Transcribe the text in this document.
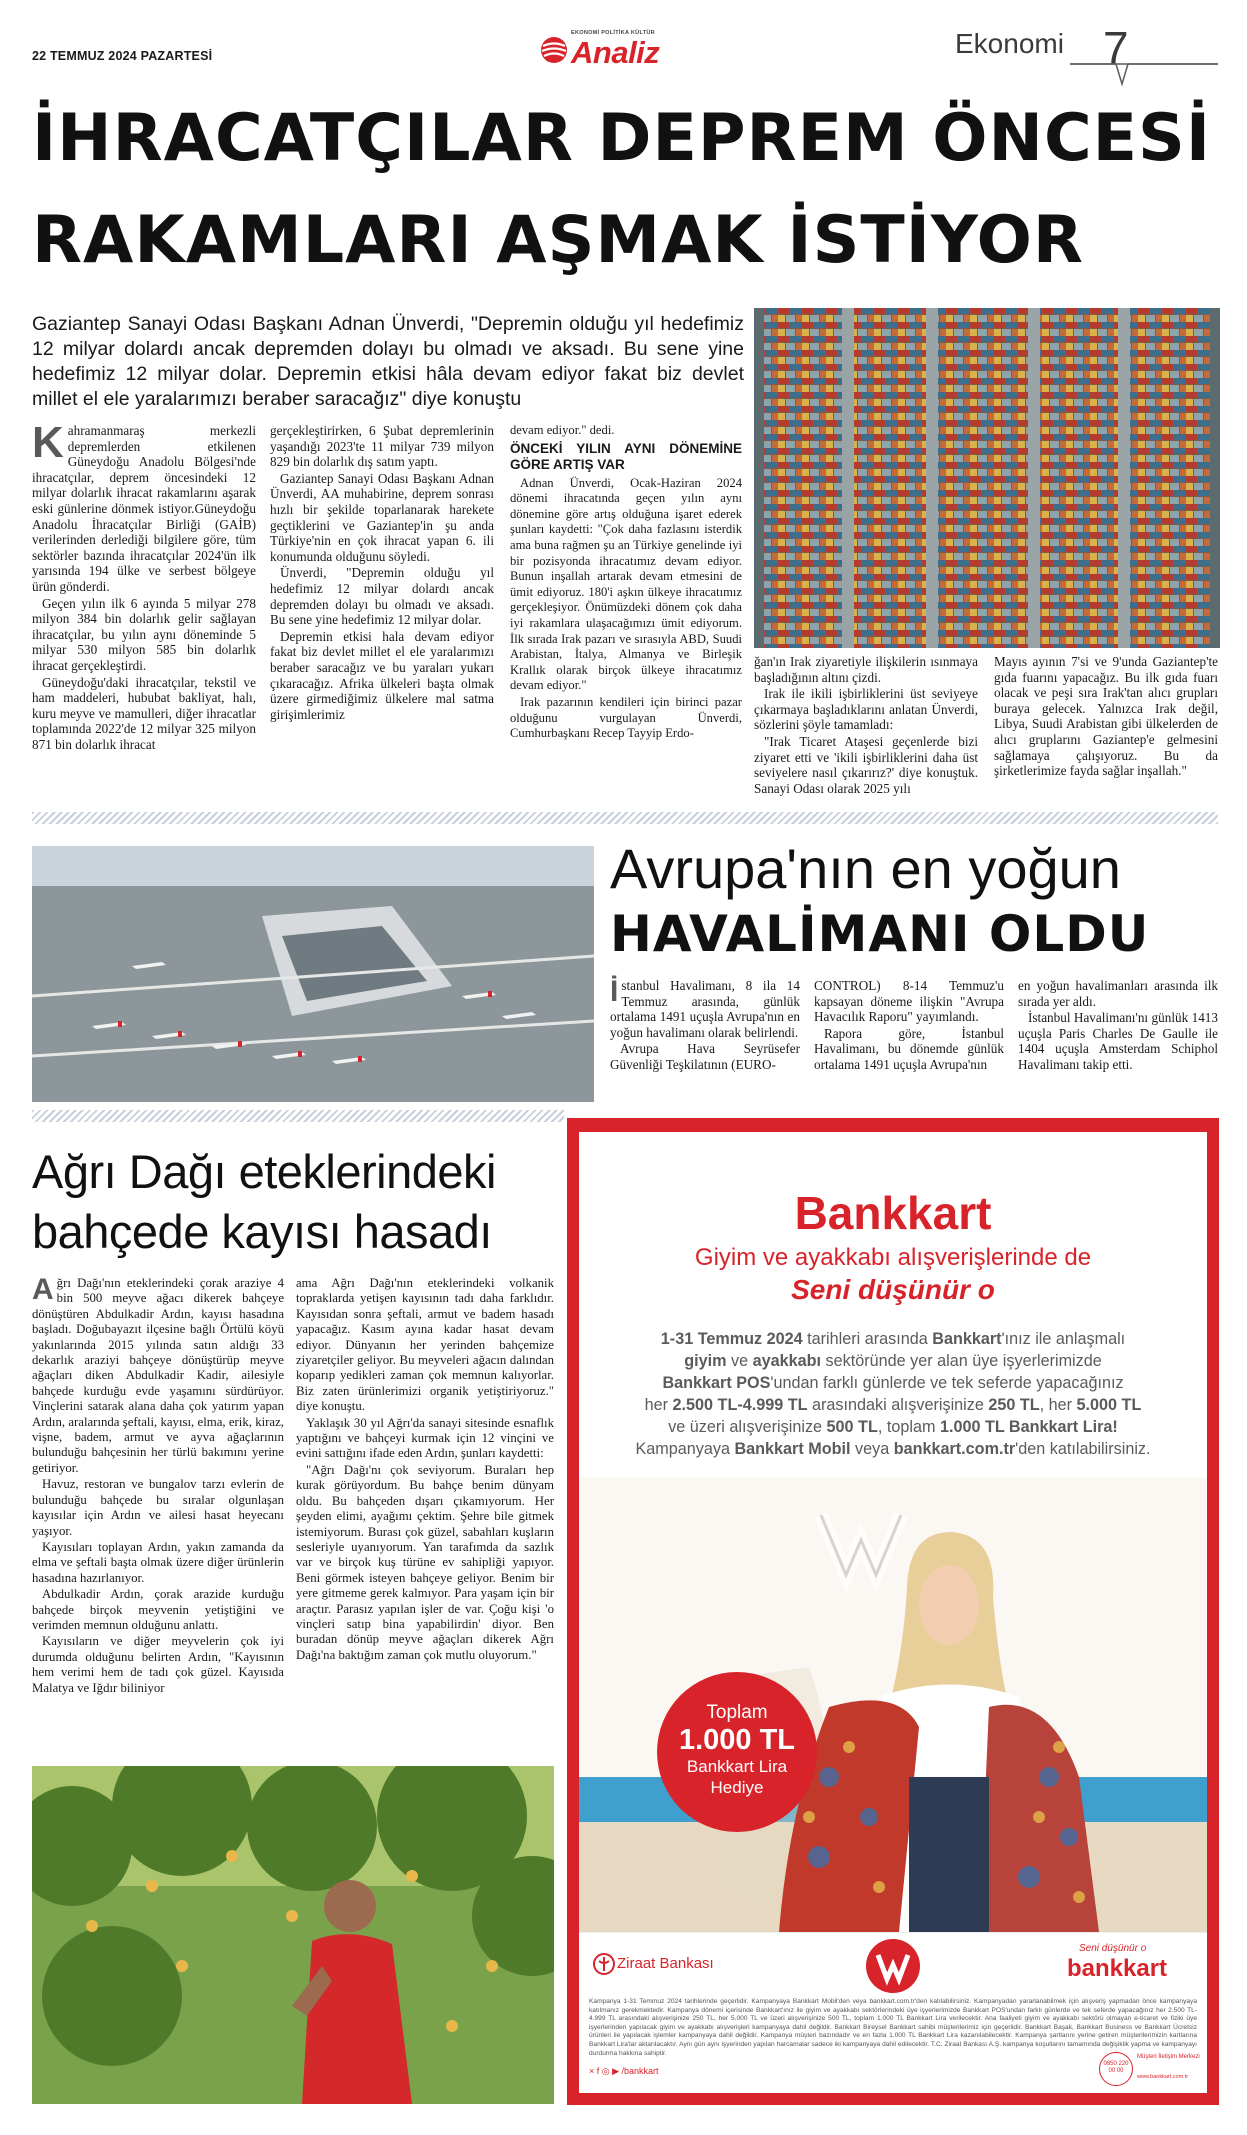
22 TEMMUZ 2024 PAZARTESİ
EKONOMİ POLİTİKA KÜLTÜR
Analiz	Ekonomi 7
İHRACATÇILAR DEPREM ÖNCESİ
RAKAMLARI AŞMAK İSTİYOR
Gaziantep Sanayi Odası Başkanı Adnan Ünverdi, "Depremin olduğu yıl hedefimiz 12 milyar dolardı ancak depremden dolayı bu olmadı ve aksadı. Bu sene yine hedefimiz 12 milyar dolar. Depremin etkisi hâla devam ediyor fakat biz devlet millet el ele yaralarımızı beraber saracağız" diye konuştu

Kahramanmaraş merkezli depremlerden etkilenen Güneydoğu Anadolu Bölgesi'nde ihracatçılar, deprem öncesindeki 12 milyar dolarlık ihracat rakamlarını aşarak eski günlerine dönmek istiyor.Güneydoğu Anadolu İhracatçılar Birliği (GAİB) verilerinden derlediği bilgilere göre, tüm sektörler bazında ihracatçılar 2024'ün ilk yarısında 194 ülke ve serbest bölgeye ürün gönderdi.

Geçen yılın ilk 6 ayında 5 milyar 278 milyon 384 bin dolarlık gelir sağlayan ihracatçılar, bu yılın aynı döneminde 5 milyar 530 milyon 585 bin dolarlık ihracat gerçekleştirdi.

Güneydoğu'daki ihracatçılar, tekstil ve ham maddeleri, hububat bakliyat, halı, kuru meyve ve mamulleri, diğer ihracatlar toplamında 2022'de 12 milyar 325 milyon 871 bin dolarlık ihracat

gerçekleştirirken, 6 Şubat depremlerinin yaşandığı 2023'te 11 milyar 739 milyon 829 bin dolarlık dış satım yaptı.

Gaziantep Sanayi Odası Başkanı Adnan Ünverdi, AA muhabirine, deprem sonrası hızlı bir şekilde toparlanarak harekete geçtiklerini ve Gaziantep'in şu anda Türkiye'nin en çok ihracat yapan 6. ili konumunda olduğunu söyledi.

Ünverdi, "Depremin olduğu yıl hedefimiz 12 milyar dolardı ancak depremden dolayı bu olmadı ve aksadı. Bu sene yine hedefimiz 12 milyar dolar.

Depremin etkisi hala devam ediyor fakat biz devlet millet el ele yaralarımızı beraber saracağız ve bu yaraları yukarı çıkaracağız. Afrika ülkeleri başta olmak üzere girmediğimiz ülkelere mal satma girişimlerimiz

devam ediyor." dedi.

ÖNCEKİ YILIN AYNI DÖNEMİNE GÖRE ARTIŞ VAR

Adnan Ünverdi, Ocak-Haziran 2024 dönemi ihracatında geçen yılın aynı dönemine göre artış olduğuna işaret ederek şunları kaydetti: "Çok daha fazlasını isterdik ama buna rağmen şu an Türkiye genelinde iyi bir pozisyonda ihracatımız devam ediyor. Bunun inşallah artarak devam etmesini de ümit ediyoruz. 180'i aşkın ülkeye ihracatımız gerçekleşiyor. Önümüzdeki dönem çok daha iyi rakamlara ulaşacağımızı ümit ediyorum. İlk sırada Irak pazarı ve sırasıyla ABD, Suudi Arabistan, İtalya, Almanya ve Birleşik Krallık olarak birçok ülkeye ihracatımız devam ediyor."

Irak pazarının kendileri için birinci pazar olduğunu vurgulayan Ünverdi, Cumhurbaşkanı Recep Tayyip Erdo-

ğan'ın Irak ziyaretiyle ilişkilerin ısınmaya başladığının altını çizdi.

Irak ile ikili işbirliklerini üst seviyeye çıkarmaya başladıklarını anlatan Ünverdi, sözlerini şöyle tamamladı:

"Irak Ticaret Ataşesi geçenlerde bizi ziyaret etti ve 'ikili işbirliklerini daha üst seviyelere nasıl çıkarırız?' diye konuştuk. Sanayi Odası olarak 2025 yılı

Mayıs ayının 7'si ve 9'unda Gaziantep'te gıda fuarını yapacağız. Bu ilk gıda fuarı olacak ve peşi sıra Irak'tan alıcı grupları buraya gelecek. Yalnızca Irak değil, Libya, Suudi Arabistan gibi ülkelerden de alıcı gruplarını Gaziantep'e gelmesini sağlamaya çalışıyoruz. Bu da şirketlerimize fayda sağlar inşallah."

Avrupa'nın en yoğun
HAVALİMANI OLDU

İstanbul Havalimanı, 8 ila 14 Temmuz arasında, günlük ortalama 1491 uçuşla Avrupa'nın en yoğun havalimanı olarak belirlendi.

Avrupa Hava Seyrüsefer Güvenliği Teşkilatının (EURO-

CONTROL) 8-14 Temmuz'u kapsayan döneme ilişkin "Avrupa Havacılık Raporu" yayımlandı.

Rapora göre, İstanbul Havalimanı, bu dönemde günlük ortalama 1491 uçuşla Avrupa'nın

en yoğun havalimanları arasında ilk sırada yer aldı.

İstanbul Havalimanı'nı günlük 1413 uçuşla Paris Charles De Gaulle ile 1404 uçuşla Amsterdam Schiphol Havalimanı takip etti.

Ağrı Dağı eteklerindeki
bahçede kayısı hasadı

Ağrı Dağı'nın eteklerindeki çorak araziye 4 bin 500 meyve ağacı dikerek bahçeye dönüştüren Abdulkadir Ardın, kayısı hasadına başladı. Doğubayazıt ilçesine bağlı Örtülü köyü yakınlarında 2015 yılında satın aldığı 33 dekarlık araziyi bahçeye dönüştürüp meyve ağaçları diken Abdulkadir Kadir, ailesiyle bahçede kurduğu evde yaşamını sürdürüyor. Vinçlerini satarak alana daha çok yatırım yapan Ardın, aralarında şeftali, kayısı, elma, erik, kiraz, vişne, badem, armut ve ayva ağaçlarının bulunduğu bahçesinin her türlü bakımını yerine getiriyor.

Havuz, restoran ve bungalov tarzı evlerin de bulunduğu bahçede bu sıralar olgunlaşan kayısılar için Ardın ve ailesi hasat heyecanı yaşıyor.

Kayısıları toplayan Ardın, yakın zamanda da elma ve şeftali başta olmak üzere diğer ürünlerin hasadına hazırlanıyor.

Abdulkadir Ardın, çorak arazide kurduğu bahçede birçok meyvenin yetiştiğini ve verimden memnun olduğunu anlattı.

Kayısıların ve diğer meyvelerin çok iyi durumda olduğunu belirten Ardın, "Kayısının hem verimi hem de tadı çok güzel. Kayısıda Malatya ve Iğdır biliniyor

ama Ağrı Dağı'nın eteklerindeki volkanik topraklarda yetişen kayısının tadı daha farklıdır. Kayısıdan sonra şeftali, armut ve badem hasadı yapacağız. Kasım ayına kadar hasat devam ediyor. Dünyanın her yerinden bahçemize ziyaretçiler geliyor. Bu meyveleri ağacın dalından koparıp yedikleri zaman çok memnun kalıyorlar. Biz zaten ürünlerimizi organik yetiştiriyoruz." diye konuştu.

Yaklaşık 30 yıl Ağrı'da sanayi sitesinde esnaflık yaptığını ve bahçeyi kurmak için 12 vinçini ve evini sattığını ifade eden Ardın, şunları kaydetti:

"Ağrı Dağı'nı çok seviyorum. Buraları hep kurak görüyordum. Bu bahçe benim dünyam oldu. Bu bahçeden dışarı çıkamıyorum. Her şeyden elimi, ayağımı çektim. Şehre bile gitmek istemiyorum. Burası çok güzel, sabahları kuşların sesleriyle uyanıyorum. Yan tarafımda da sazlık var ve birçok kuş türüne ev sahipliği yapıyor. Beni görmek isteyen bahçeye geliyor. Benim bir yere gitmeme gerek kalmıyor. Para yaşam için bir araçtır. Parasız yapılan işler de var. Çoğu kişi 'o vinçleri satıp bina yapabilirdin' diyor. Ben buradan dönüp meyve ağaçları dikerek Ağrı Dağı'na baktığım zaman çok mutlu oluyorum."

Bankkart
Giyim ve ayakkabı alışverişlerinde de
Seni düşünür o
1-31 Temmuz 2024 tarihleri arasında Bankkart'ınız ile anlaşmalı
giyim ve ayakkabı sektöründe yer alan üye işyerlerimizde
Bankkart POS'undan farklı günlerde ve tek seferde yapacağınız
her 2.500 TL-4.999 TL arasındaki alışverişinize 250 TL, her 5.000 TL
ve üzeri alışverişinize 500 TL, toplam 1.000 TL Bankkart Lira!
Kampanyaya Bankkart Mobil veya bankkart.com.tr'den katılabilirsiniz.
Toplam
1.000 TL
Bankkart Lira
Hediye
Ziraat Bankası
Seni düşünür o
bankkart
Kampanya 1-31 Temmuz 2024 tarihlerinde geçerlidir. Kampanyaya Bankkart Mobil'den veya bankkart.com.tr'den katılabilirsiniz. Kampanyadan yararlanabilmek için alışveriş yapmadan önce kampanyaya katılmanız gerekmektedir. Kampanya dönemi içerisinde Bankkart'ınız ile giyim ve ayakkabı sektörlerindeki üye işyerlerimizde Bankkart POS'undan farklı günlerde ve tek seferde yapacağınız her 2.500 TL-4.999 TL arasındaki alışverişinize 250 TL, her 5.000 TL ve üzeri alışverişinize 500 TL, toplam 1.000 TL Bankkart Lira verilecektir. Ana faaliyeti giyim ve ayakkabı sektörü olmayan e-ticaret ve fiziki üye işyerlerinden yapılacak giyim ve ayakkabı alışverişleri kampanyaya dahil değildir. Bankkart Bireysel Bankkart sahibi müşterilerimiz için geçerlidir. Bankkart Başak, Bankkart Business ve Bankkart Ücretsiz ürünleri ile yapılacak işlemler kampanyaya dahil değildir. Kampanya müşteri bazındadır ve en fazla 1.000 TL Bankkart Lira kazanılabilecektir. Kampanya şartlarını yerine getiren müşterilerimizin kartlarına Bankkart Lira'lar aktarılacaktır. Aynı gün aynı işyerinden yapılan harcamalar sadece iki kampanyaya dahil edilecektir. T.C. Ziraat Bankası A.Ş. kampanya koşullarını tamamında değişiklik yapma ve kampanyayı durdurma hakkına sahiptir.
× f ◎ ▶ /bankkart
0850 220 00 00
Müşteri İletişim Merkezi
www.bankkart.com.tr
